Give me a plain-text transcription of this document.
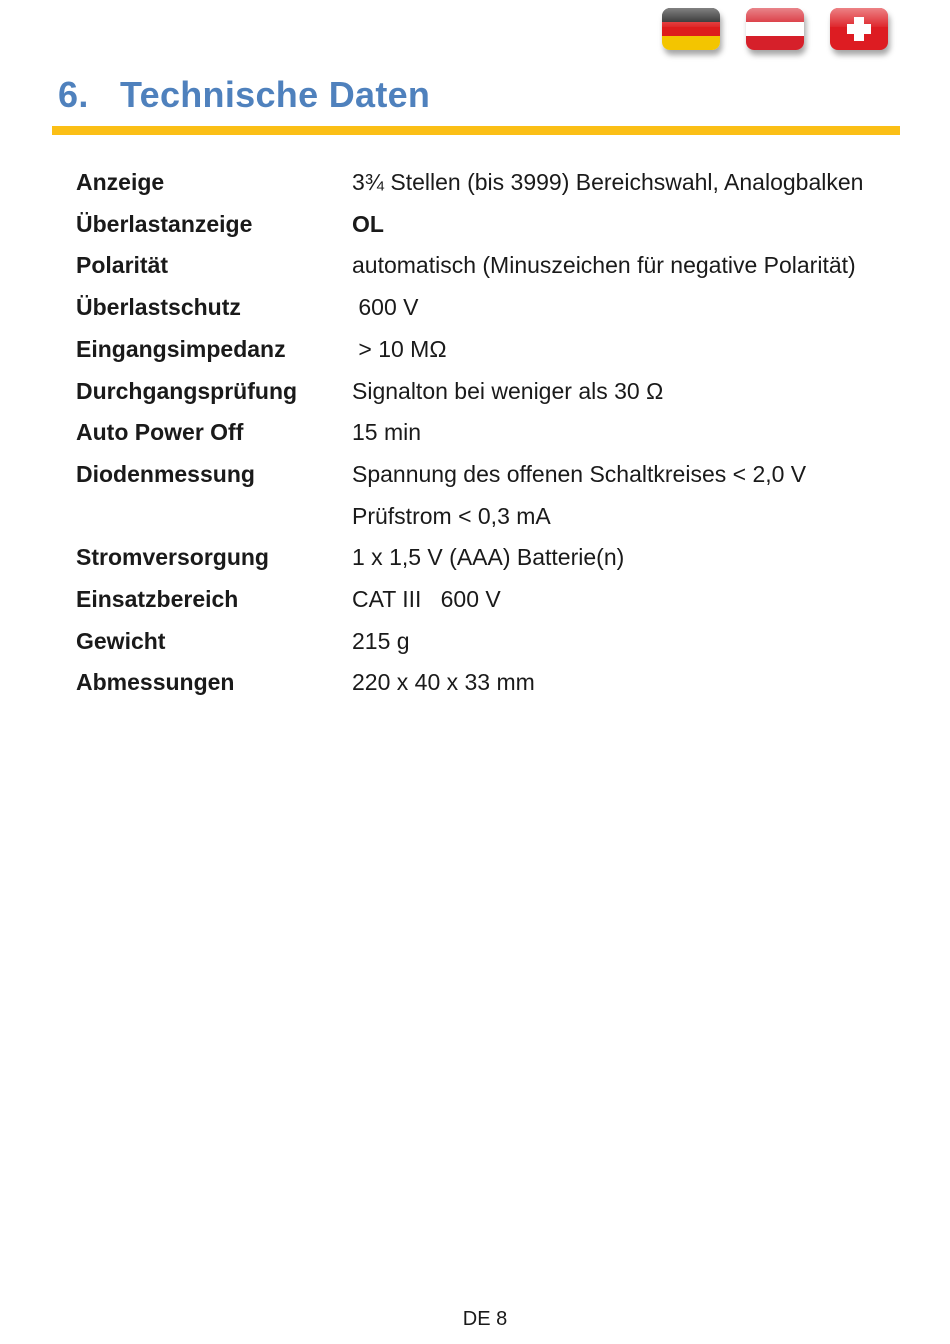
6. Technische Daten
Anzeige	3¾ Stellen (bis 3999) Bereichswahl, Analogbalken
Überlastanzeige	OL
Polarität	automatisch (Minuszeichen für negative Polarität)
Überlastschutz	600 V
Eingangsimpedanz	> 10 MΩ
Durchgangsprüfung	Signalton bei weniger als 30 Ω
Auto Power Off	15 min
Diodenmessung	Spannung des offenen Schaltkreises < 2,0 V
Prüfstrom < 0,3 mA
Stromversorgung	1 x 1,5 V (AAA) Batterie(n)
Einsatzbereich	CAT III   600 V
Gewicht	215 g
Abmessungen	220 x 40 x 33 mm
DE 8
